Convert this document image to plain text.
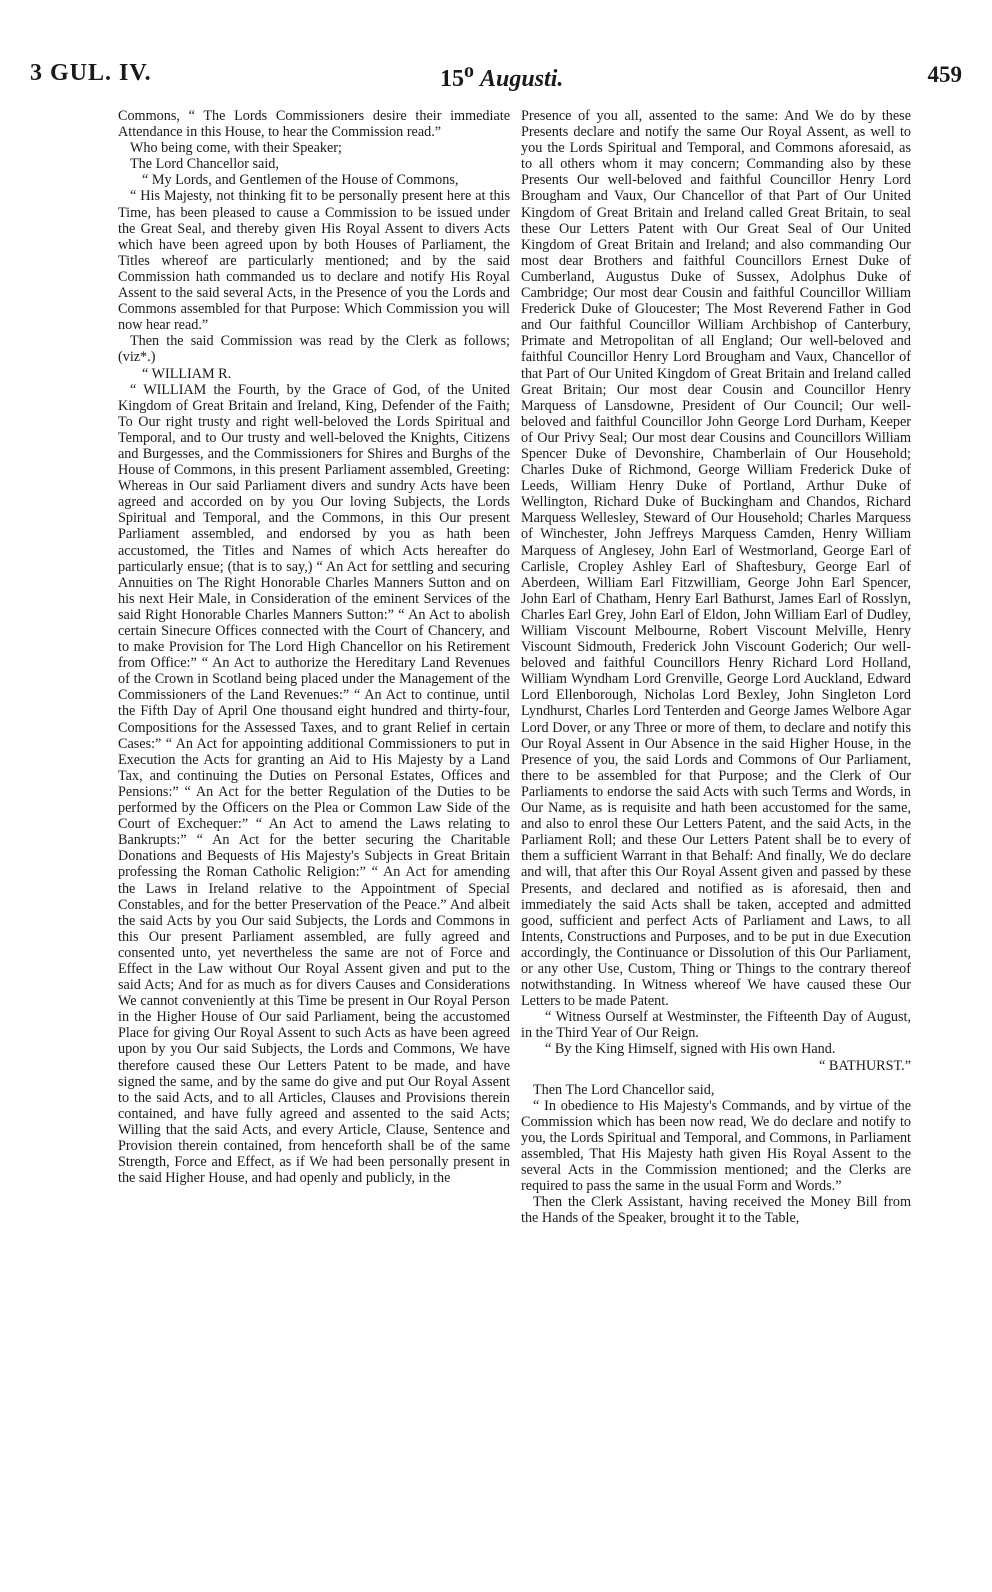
3 GUL. IV.	15$^o$ Augusti.	459

Commons, “ The Lords Commissioners desire their immediate Attendance in this House, to hear the Commission read.”

Who being come, with their Speaker;

The Lord Chancellor said,

“ My Lords, and Gentlemen of the House of Commons,

“ His Majesty, not thinking fit to be personally present here at this Time, has been pleased to cause a Commission to be issued under the Great Seal, and thereby given His Royal Assent to divers Acts which have been agreed upon by both Houses of Parliament, the Titles whereof are particularly mentioned; and by the said Commission hath commanded us to declare and notify His Royal Assent to the said several Acts, in the Presence of you the Lords and Commons assembled for that Purpose: Which Commission you will now hear read.”

Then the said Commission was read by the Clerk as follows; (viz*.)

“ WILLIAM R.

“ WILLIAM the Fourth, by the Grace of God, of the United Kingdom of Great Britain and Ireland, King, Defender of the Faith; To Our right trusty and right well-beloved the Lords Spiritual and Temporal, and to Our trusty and well-beloved the Knights, Citizens and Burgesses, and the Commissioners for Shires and Burghs of the House of Commons, in this present Parliament assembled, Greeting: Whereas in Our said Parliament divers and sundry Acts have been agreed and accorded on by you Our loving Subjects, the Lords Spiritual and Temporal, and the Commons, in this Our present Parliament assembled, and endorsed by you as hath been accustomed, the Titles and Names of which Acts hereafter do particularly ensue; (that is to say,) “ An Act for settling and securing Annuities on The Right Honorable Charles Manners Sutton and on his next Heir Male, in Consideration of the eminent Services of the said Right Honorable Charles Manners Sutton:” “ An Act to abolish certain Sinecure Offices connected with the Court of Chancery, and to make Provision for The Lord High Chancellor on his Retirement from Office:” “ An Act to authorize the Hereditary Land Revenues of the Crown in Scotland being placed under the Management of the Commissioners of the Land Revenues:” “ An Act to continue, until the Fifth Day of April One thousand eight hundred and thirty-four, Compositions for the Assessed Taxes, and to grant Relief in certain Cases:” “ An Act for appointing additional Commissioners to put in Execution the Acts for granting an Aid to His Majesty by a Land Tax, and continuing the Duties on Personal Estates, Offices and Pensions:” “ An Act for the better Regulation of the Duties to be performed by the Officers on the Plea or Common Law Side of the Court of Exchequer:” “ An Act to amend the Laws relating to Bankrupts:” “ An Act for the better securing the Charitable Donations and Bequests of His Majesty's Subjects in Great Britain professing the Roman Catholic Religion:” “ An Act for amending the Laws in Ireland relative to the Appointment of Special Constables, and for the better Preservation of the Peace.” And albeit the said Acts by you Our said Subjects, the Lords and Commons in this Our present Parliament assembled, are fully agreed and consented unto, yet nevertheless the same are not of Force and Effect in the Law without Our Royal Assent given and put to the said Acts; And for as much as for divers Causes and Considerations We cannot conveniently at this Time be present in Our Royal Person in the Higher House of Our said Parliament, being the accustomed Place for giving Our Royal Assent to such Acts as have been agreed upon by you Our said Subjects, the Lords and Commons, We have therefore caused these Our Letters Patent to be made, and have signed the same, and by the same do give and put Our Royal Assent to the said Acts, and to all Articles, Clauses and Provisions therein contained, and have fully agreed and assented to the said Acts; Willing that the said Acts, and every Article, Clause, Sentence and Provision therein contained, from henceforth shall be of the same Strength, Force and Effect, as if We had been personally present in the said Higher House, and had openly and publicly, in the

Presence of you all, assented to the same: And We do by these Presents declare and notify the same Our Royal Assent, as well to you the Lords Spiritual and Temporal, and Commons aforesaid, as to all others whom it may concern; Commanding also by these Presents Our well-beloved and faithful Councillor Henry Lord Brougham and Vaux, Our Chancellor of that Part of Our United Kingdom of Great Britain and Ireland called Great Britain, to seal these Our Letters Patent with Our Great Seal of Our United Kingdom of Great Britain and Ireland; and also commanding Our most dear Brothers and faithful Councillors Ernest Duke of Cumberland, Augustus Duke of Sussex, Adolphus Duke of Cambridge; Our most dear Cousin and faithful Councillor William Frederick Duke of Gloucester; The Most Reverend Father in God and Our faithful Councillor William Archbishop of Canterbury, Primate and Metropolitan of all England; Our well-beloved and faithful Councillor Henry Lord Brougham and Vaux, Chancellor of that Part of Our United Kingdom of Great Britain and Ireland called Great Britain; Our most dear Cousin and Councillor Henry Marquess of Lansdowne, President of Our Council; Our well-beloved and faithful Councillor John George Lord Durham, Keeper of Our Privy Seal; Our most dear Cousins and Councillors William Spencer Duke of Devonshire, Chamberlain of Our Household; Charles Duke of Richmond, George William Frederick Duke of Leeds, William Henry Duke of Portland, Arthur Duke of Wellington, Richard Duke of Buckingham and Chandos, Richard Marquess Wellesley, Steward of Our Household; Charles Marquess of Winchester, John Jeffreys Marquess Camden, Henry William Marquess of Anglesey, John Earl of Westmorland, George Earl of Carlisle, Cropley Ashley Earl of Shaftesbury, George Earl of Aberdeen, William Earl Fitzwilliam, George John Earl Spencer, John Earl of Chatham, Henry Earl Bathurst, James Earl of Rosslyn, Charles Earl Grey, John Earl of Eldon, John William Earl of Dudley, William Viscount Melbourne, Robert Viscount Melville, Henry Viscount Sidmouth, Frederick John Viscount Goderich; Our well-beloved and faithful Councillors Henry Richard Lord Holland, William Wyndham Lord Grenville, George Lord Auckland, Edward Lord Ellenborough, Nicholas Lord Bexley, John Singleton Lord Lyndhurst, Charles Lord Tenterden and George James Welbore Agar Lord Dover, or any Three or more of them, to declare and notify this Our Royal Assent in Our Absence in the said Higher House, in the Presence of you, the said Lords and Commons of Our Parliament, there to be assembled for that Purpose; and the Clerk of Our Parliaments to endorse the said Acts with such Terms and Words, in Our Name, as is requisite and hath been accustomed for the same, and also to enrol these Our Letters Patent, and the said Acts, in the Parliament Roll; and these Our Letters Patent shall be to every of them a sufficient Warrant in that Behalf: And finally, We do declare and will, that after this Our Royal Assent given and passed by these Presents, and declared and notified as is aforesaid, then and immediately the said Acts shall be taken, accepted and admitted good, sufficient and perfect Acts of Parliament and Laws, to all Intents, Constructions and Purposes, and to be put in due Execution accordingly, the Continuance or Dissolution of this Our Parliament, or any other Use, Custom, Thing or Things to the contrary thereof notwithstanding. In Witness whereof We have caused these Our Letters to be made Patent.

“ Witness Ourself at Westminster, the Fifteenth Day of August, in the Third Year of Our Reign.

“ By the King Himself, signed with His own Hand.

“ BATHURST.”

Then The Lord Chancellor said,

“ In obedience to His Majesty's Commands, and by virtue of the Commission which has been now read, We do declare and notify to you, the Lords Spiritual and Temporal, and Commons, in Parliament assembled, That His Majesty hath given His Royal Assent to the several Acts in the Commission mentioned; and the Clerks are required to pass the same in the usual Form and Words.”

Then the Clerk Assistant, having received the Money Bill from the Hands of the Speaker, brought it to the Table,
